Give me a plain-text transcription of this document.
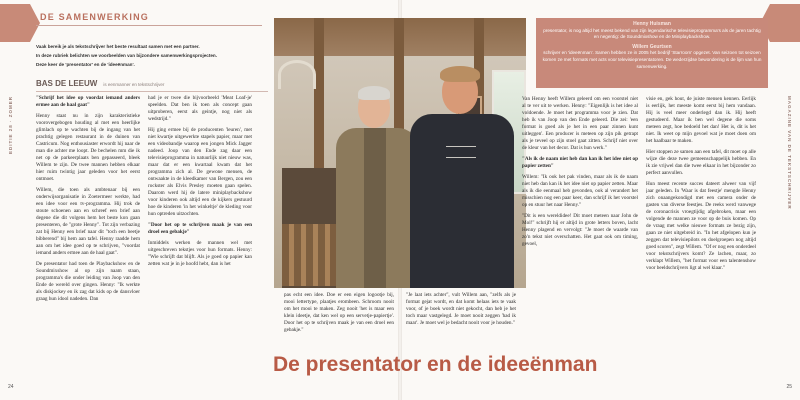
DE SAMENWERKING

Vaak bereik je als tekstschrijver het beste resultaat samen met een partner.

In deze rubriek belichten we voorbeelden van bijzondere samenwerkingsprojecten.

Deze keer de 'presentator' en de 'ideeënman'.

BAS DE LEEUW is eenmanner en tekstschrijver
EDITIE 28 · ZOMER	MAGAZINE VAN DE TEKSTSCHRIJVER

"Schrijf het idee op voordat iemand anders ermee aan de haal gaat"

Henny staat nu in zijn karakteristieke voorovergebogen houding al met een heerlijke glimlach op te wachten bij de ingang van het prachtig gelegen restaurant in de duinen van Castricum. Nog enthousiaster erwordt hij naar de man die achter me loopt. De bechelen mm die ik net op de parkeerplaats ben gepasseerd, bleek Willem te zijn. De twee mannen hebben elkaar hier ruim twintig jaar geleden voor het eerst ontmoet.

Willem, die toen als ambtenaar bij een onderwijsorganisatie in Zoetermeer werkte, had een idee voor een tv-programma. Hij trok de stoute schoenen aan en schreef een brief aan degene die dit volgens hem het beste kon gaan presenteren, de "grote Henny". Tot zijn verbazing zat bij Henny een brief naar dit "toch een beetje bibberend" bij hem aan tafel. Henny raadde hem aan om het idee goed op te schrijven, "voordat iemand anders ermee aan de haal gaat".

De presentator had toen de Playbackshow en de Soundmixshow al op zijn naam staan, programma's die onder leiding van Joop van den Ende de wereld over gingen. Henny: "Ik werkte als diskjockey en ik zag dat kids op de dansvloer graag hun idool nadeden. Dan

had je er twee die bijvoorbeeld 'Meat Loaf-je' speelden. Dat ben ik toen als concept gaan uitproberen, eerst als geintje, nog niet als wedstrijd."

Hij ging ermee bij de producenten 'leuren', met niet kwartje uitgewerkte stapels papier, maar met een videobandje waarop een jongen Mick Jagger nadeed. Joop van den Ende zag daar een televisieprogramma in natuurlijk niet nieuw was, maar dat er een kwartaal kwam dat het programma zich al. De gewone mensen, de ontwaakte in de kleedkamer van Bergen, zou een rockster als Elvis Presley moeten gaan spelen. Daarom werd hij de latere miniplaybackshow voor kinderen ook altijd een de kijkers gestuurd hoe de kinderen 'in het winkeltje' de kleding voor hun optreden uitzochten.

"Door het op te schrijven maak je van een droel een gebakje"

Inmiddels werken de mannen wel met uitgeschreven tekstjes voor hun formats. Henny: "Wie schrijft dat blijft. Als je goed op papier kan zetten wat je in je hoofd hebt, dan is het

pas echt een idee. Doe er een eigen logootje bij, mooi lettertype, plaatjes erombeen. Schroom nooit om het mooi te maken. Zeg nooit 'het is maar een klein ideetje, dat ken wel op een servetje-papiertje'. Door het op te schrijven maak je van een droel een gebakje."

"Je laat iets achter", vult Willem aan, "zelfs als je format gejat wordt, en dat komt helaas iets te vaak voor, of je boek wordt niet gekocht, dan heb je het toch maar vastgelegd. Je moet nooit zeggen 'had ik maar'. Je moet wel je bedacht nooit voor je houden."

De presentator en de ideeënman
Henny Huisman

presentator, is nog altijd het meest bekend van zijn legendarische televisieprogramma's als de jaren tachtig en negentig: de Soundmixshow en de Miniplaybackshow.

Willem Geurtsen

schrijver en 'ideeënman'. Samen hebben ze in 2005 het bedrijf 'Starroom' opgezet. Van seizoen tot seizoen komen ze met formats met acts voor televisiepresentatoren. De wederzijdse bewondering is de lijm van hun samenwerking.

Van Henny heeft Willem geleerd om een voorstel niet al te ver uit te werken. Henny: "Eigenlijk is het idee al voldoende. Je moet het programma voor je zien. Dat heb ik van Joop van den Ende geleerd. Die zei: 'een format is goed als je het in een paar zinnen kunt uitleggen'. Een producer is meteen op zijn pik getrapt als je teveel op zijn stoel gaat zitten. Schrijf niet over de kleur van het decor. Dat is hun werk."

"Als ik de naam niet heb dan kan ik het idee niet op papier zetten"

Willem: "Ik ook het pak vinden, maar als ik de naam niet heb dan kan ik het idee niet op papier zetten. Maar als ik die eenmaal heb gevonden, ook al verandert het misschien nog een paar keer, dan schrijf ik het voorstel op en stuur het naar Henny."

"Dit is een wereldidee! Dit moet meteen naar John de Mol!" schrijft hij er altijd in grote letters boven, lacht Henny plagend en vervolgt: "Je moet de waarde van zo'n tekst niet overschatten. Het gaat ook om timing, gevoel,

visie en, gek hout, de juiste mensen kennen. Eerlijk is eerlijk, het meeste komt eerst bij hem vandaan. Hij is veel meer onderlegd dan ik. Hij heeft gestudeerd. Maar ik ben wel degene die soms meteen zegt, hoe bedoeld het dan! Het is, dit is het niet. Ik weet op mijn gevoel wat je moet doen om het haalbaar te maken.

Hier stoppen ze samen aan een tafel, dit moet op alle wijze die deze twee gemeenschappelijk hebben. En ik zie vrijwel dan die twee elkaar in het bijzonder zo perfect aanvullen.

Hun meest recente succes dateert alweer van vijf jaar geleden. In 'Waar is dat feestje' mengde Henny zich onaangekondigd met een camera onder de gasten van diverse feestjes. De reeks werd vanwege de coronacrisis vroegtijdig afgebroken, maar een volgende de mannen ze voor op de buis komen. Op de vraag met welke nieuwe formats ze bezig zijn, gaan ze niet uitgebreid in. "In het afgelopen kun je zeggen dat televisiepilots en doelgroepen nog altijd goed scoren", zegt Willem. "Of er nog een onderdeel voor tekstschrijvers komt? Ze lachen, maar, zo verklapt Willem, "het format voor een talentenshow voor beeldschrijvers ligt al wel klaar."

24	25
